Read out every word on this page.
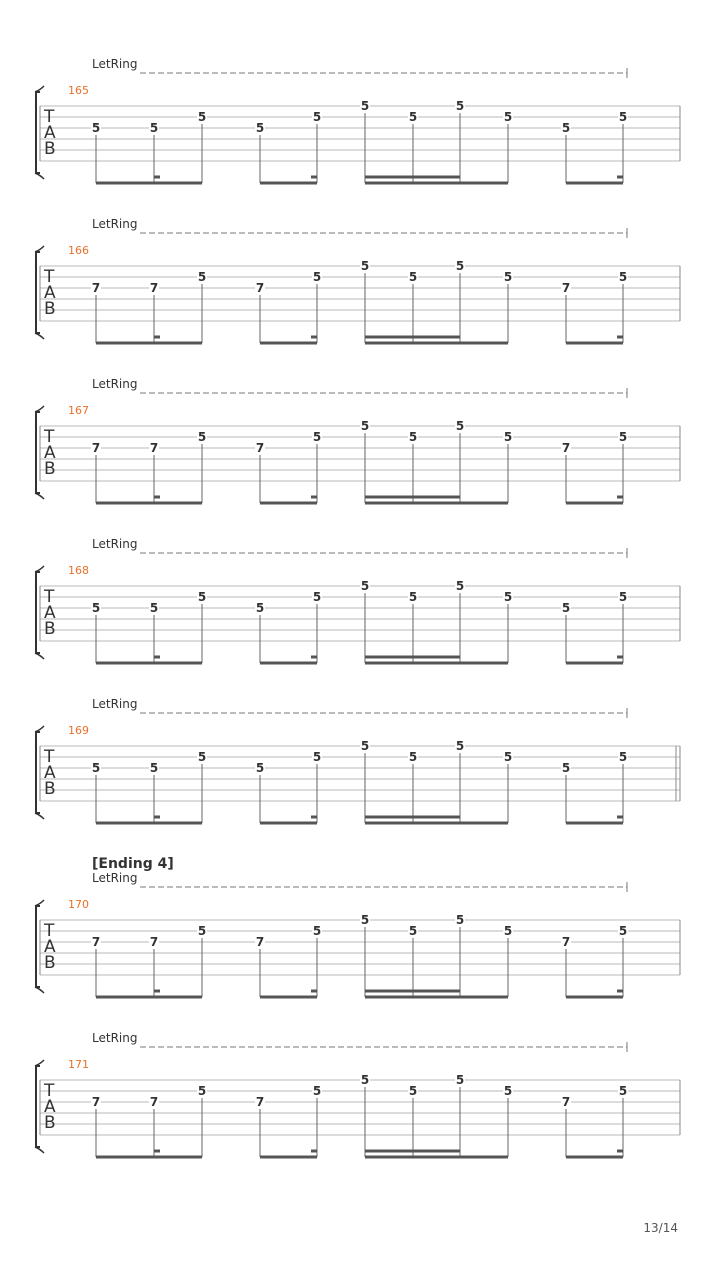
LetRing
165
T
A
B
5	5
5
5
5
5
5
5
5
5
5
LetRing
166
T
A
B
7	7
5
7
5
5
5
5
5
7
5
LetRing
167
T
A
B
7	7
5
7
5
5
5
5
5
7
5
LetRing
168
T
A
B
5	5
5
5
5
5
5
5
5
5
5
LetRing
169
T
A
B
5	5
5
5
5
5
5
5
5
5
5
[Ending 4]
LetRing
170
T
A
B
7	7
5
7
5
5
5
5
5
7
5
LetRing
171
T
A
B
7	7
5
7
5
5
5
5
5
7
5
13/14
